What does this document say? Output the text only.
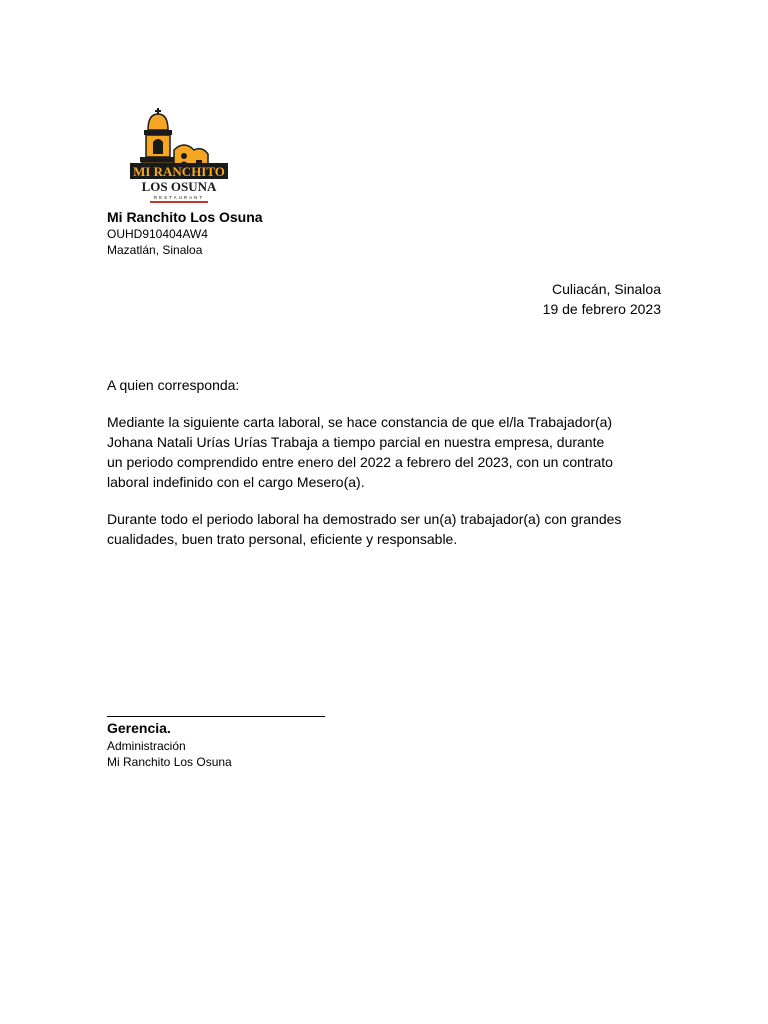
MI RANCHITO
LOS OSUNA
RESTAURANT
Mi Ranchito Los Osuna
OUHD910404AW4
Mazatlán, Sinaloa
Culiacán, Sinaloa
19 de febrero 2023
A quien corresponda:
Mediante la siguiente carta laboral, se hace constancia de que el/la Trabajador(a)
Johana Natali Urías Urías Trabaja a tiempo parcial en nuestra empresa, durante
un periodo comprendido entre enero del 2022 a febrero del 2023, con un contrato
laboral indefinido con el cargo Mesero(a).
Durante todo el periodo laboral ha demostrado ser un(a) trabajador(a) con grandes
cualidades, buen trato personal, eficiente y responsable.
Gerencia.
Administración
Mi Ranchito Los Osuna
